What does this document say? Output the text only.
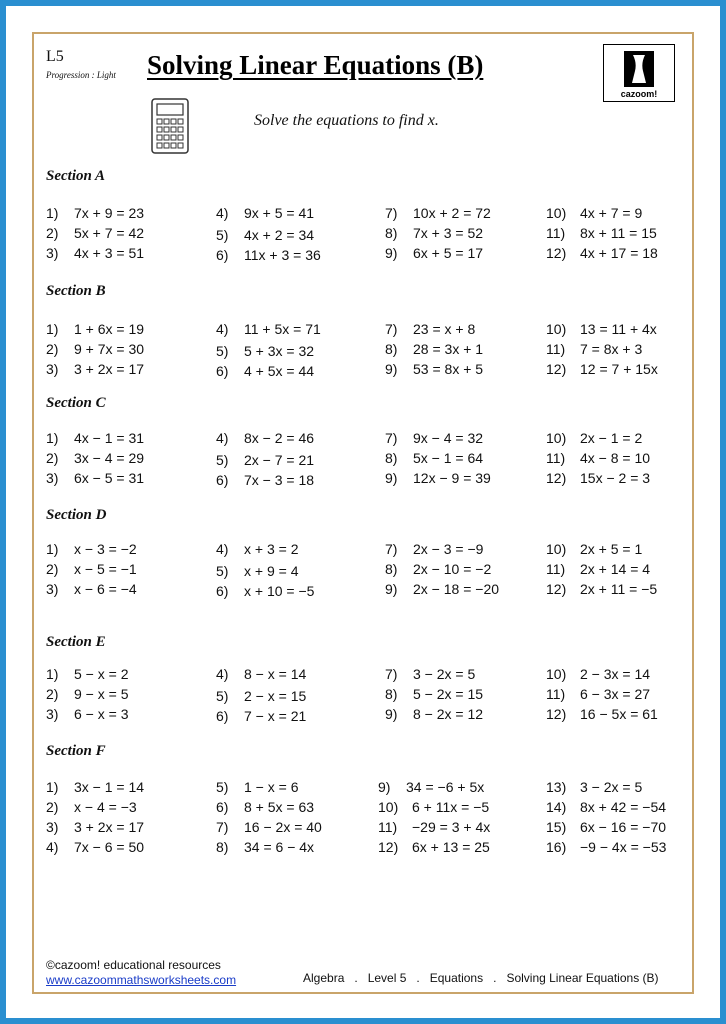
L5
Progression : Light Solving Linear Equations (B)
cazoom!
Solve the equations to find x.
Section A
1) 7x + 9 = 23
2) 5x + 7 = 42
3) 4x + 3 = 51
4) 9x + 5 = 41
5) 4x + 2 = 34
6) 11x + 3 = 36
7) 10x + 2 = 72
8) 7x + 3 = 52
9) 6x + 5 = 17
10) 4x + 7 = 9
11) 8x + 11 = 15
12) 4x + 17 = 18
Section B
1) 1 + 6x = 19
2) 9 + 7x = 30
3) 3 + 2x = 17
4) 11 + 5x = 71
5) 5 + 3x = 32
6) 4 + 5x = 44
7) 23 = x + 8
8) 28 = 3x + 1
9) 53 = 8x + 5
10) 13 = 11 + 4x
11) 7 = 8x + 3
12) 12 = 7 + 15x
Section C
1) 4x − 1 = 31
2) 3x − 4 = 29
3) 6x − 5 = 31
4) 8x − 2 = 46
5) 2x − 7 = 21
6) 7x − 3 = 18
7) 9x − 4 = 32
8) 5x − 1 = 64
9) 12x − 9 = 39
10) 2x − 1 = 2
11) 4x − 8 = 10
12) 15x − 2 = 3
Section D
1) x − 3 = −2
2) x − 5 = −1
3) x − 6 = −4
4) x + 3 = 2
5) x + 9 = 4
6) x + 10 = −5
7) 2x − 3 = −9
8) 2x − 10 = −2
9) 2x − 18 = −20
10) 2x + 5 = 1
11) 2x + 14 = 4
12) 2x + 11 = −5
Section E
1) 5 − x = 2
2) 9 − x = 5
3) 6 − x = 3
4) 8 − x = 14
5) 2 − x = 15
6) 7 − x = 21
7) 3 − 2x = 5
8) 5 − 2x = 15
9) 8 − 2x = 12
10) 2 − 3x = 14
11) 6 − 3x = 27
12) 16 − 5x = 61
Section F
1) 3x − 1 = 14
2) x − 4 = −3
3) 3 + 2x = 17
4) 7x − 6 = 50
5) 1 − x = 6
6) 8 + 5x = 63
7) 16 − 2x = 40
8) 34 = 6 − 4x
9) 34 = −6 + 5x
10) 6 + 11x = −5
11) −29 = 3 + 4x
12) 6x + 13 = 25
13) 3 − 2x = 5
14) 8x + 42 = −54
15) 6x − 16 = −70
16) −9 − 4x = −53
©cazoom! educational resources
www.cazoommathsworksheets.com	Algebra   .   Level 5   .   Equations   .   Solving Linear Equations (B)
